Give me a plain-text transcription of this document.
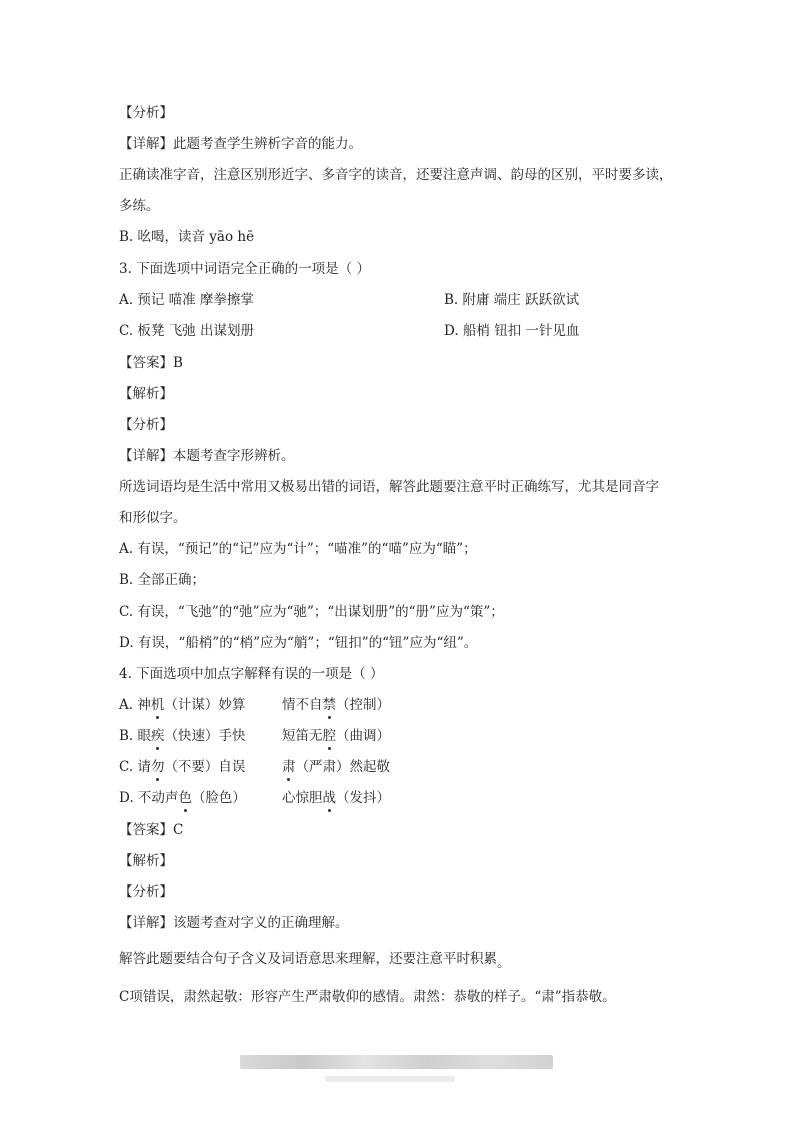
【分析】
【详解】此题考查学生辨析字音的能力。
正确读准字音，注意区别形近字、多音字的读音，还要注意声调、韵母的区别，平时要多读，
多练。
B. 吆喝，读音 yāo hē
3. 下面选项中词语完全正确的一项是（ ）
A. 预记 喵准 摩拳擦掌	B. 附庸 端庄 跃跃欲试
C. 板凳 飞弛 出谋划册	D. 船梢 钮扣 一针见血
【答案】B
【解析】
【分析】
【详解】本题考查字形辨析。
所选词语均是生活中常用又极易出错的词语，解答此题要注意平时正确练写，尤其是同音字
和形似字。
A. 有误，“预记”的“记”应为“计”；“喵准”的“喵”应为“瞄”；
B. 全部正确；
C. 有误，“飞弛”的“弛”应为“驰”；“出谋划册”的“册”应为“策”；
D. 有误，“船梢”的“梢”应为“艄”；“钮扣”的“钮”应为“纽”。
4. 下面选项中加点字解释有误的一项是（ ）
A. 神机（计谋）妙算	情不自禁（控制）
B. 眼疾（快速）手快	短笛无腔（曲调）
C. 请勿（不要）自误	肃（严肃）然起敬
D. 不动声色（脸色）	心惊胆战（发抖）
【答案】C
【解析】
【分析】
【详解】该题考查对字义的正确理解。
解答此题要结合句子含义及词语意思来理解，还要注意平时积累。
C项错误，肃然起敬：形容产生严肃敬仰的感情。肃然：恭敬的样子。“肃”指恭敬。
